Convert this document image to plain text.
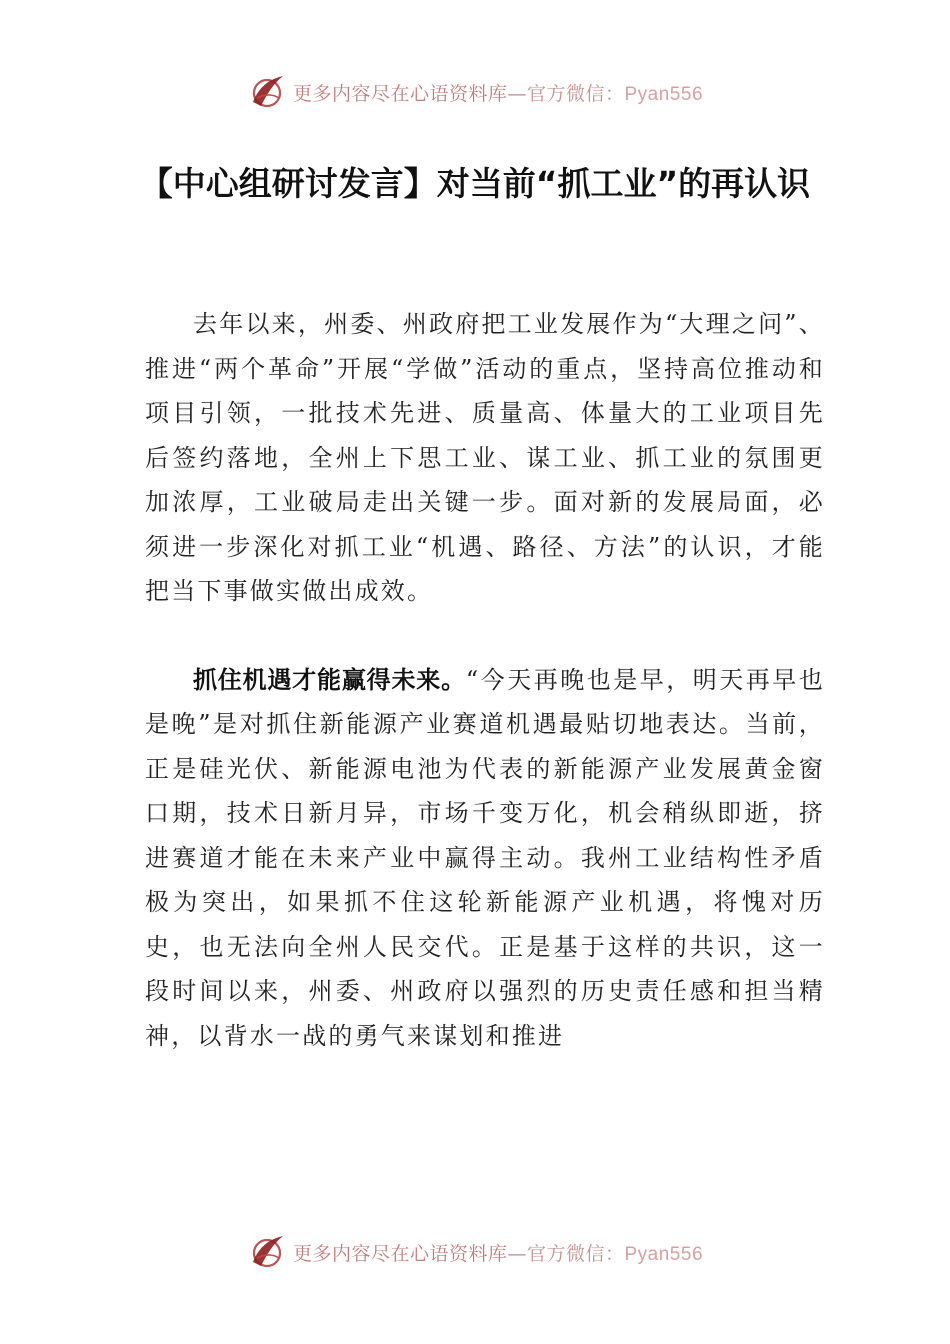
更多内容尽在心语资料库—官方微信：Pyan556
【中心组研讨发言】对当前“抓工业”的再认识

去年以来，州委、州政府把工业发展作为“大理之问”、推进“两个革命”开展“学做”活动的重点，坚持高位推动和项目引领，一批技术先进、质量高、体量大的工业项目先后签约落地，全州上下思工业、谋工业、抓工业的氛围更加浓厚，工业破局走出关键一步。面对新的发展局面，必须进一步深化对抓工业“机遇、路径、方法”的认识，才能把当下事做实做出成效。

抓住机遇才能赢得未来。“今天再晚也是早，明天再早也是晚”是对抓住新能源产业赛道机遇最贴切地表达。当前，正是硅光伏、新能源电池为代表的新能源产业发展黄金窗口期，技术日新月异，市场千变万化，机会稍纵即逝，挤进赛道才能在未来产业中赢得主动。我州工业结构性矛盾极为突出，如果抓不住这轮新能源产业机遇，将愧对历史，也无法向全州人民交代。正是基于这样的共识，这一段时间以来，州委、州政府以强烈的历史责任感和担当精神，以背水一战的勇气来谋划和推进

更多内容尽在心语资料库—官方微信：Pyan556
